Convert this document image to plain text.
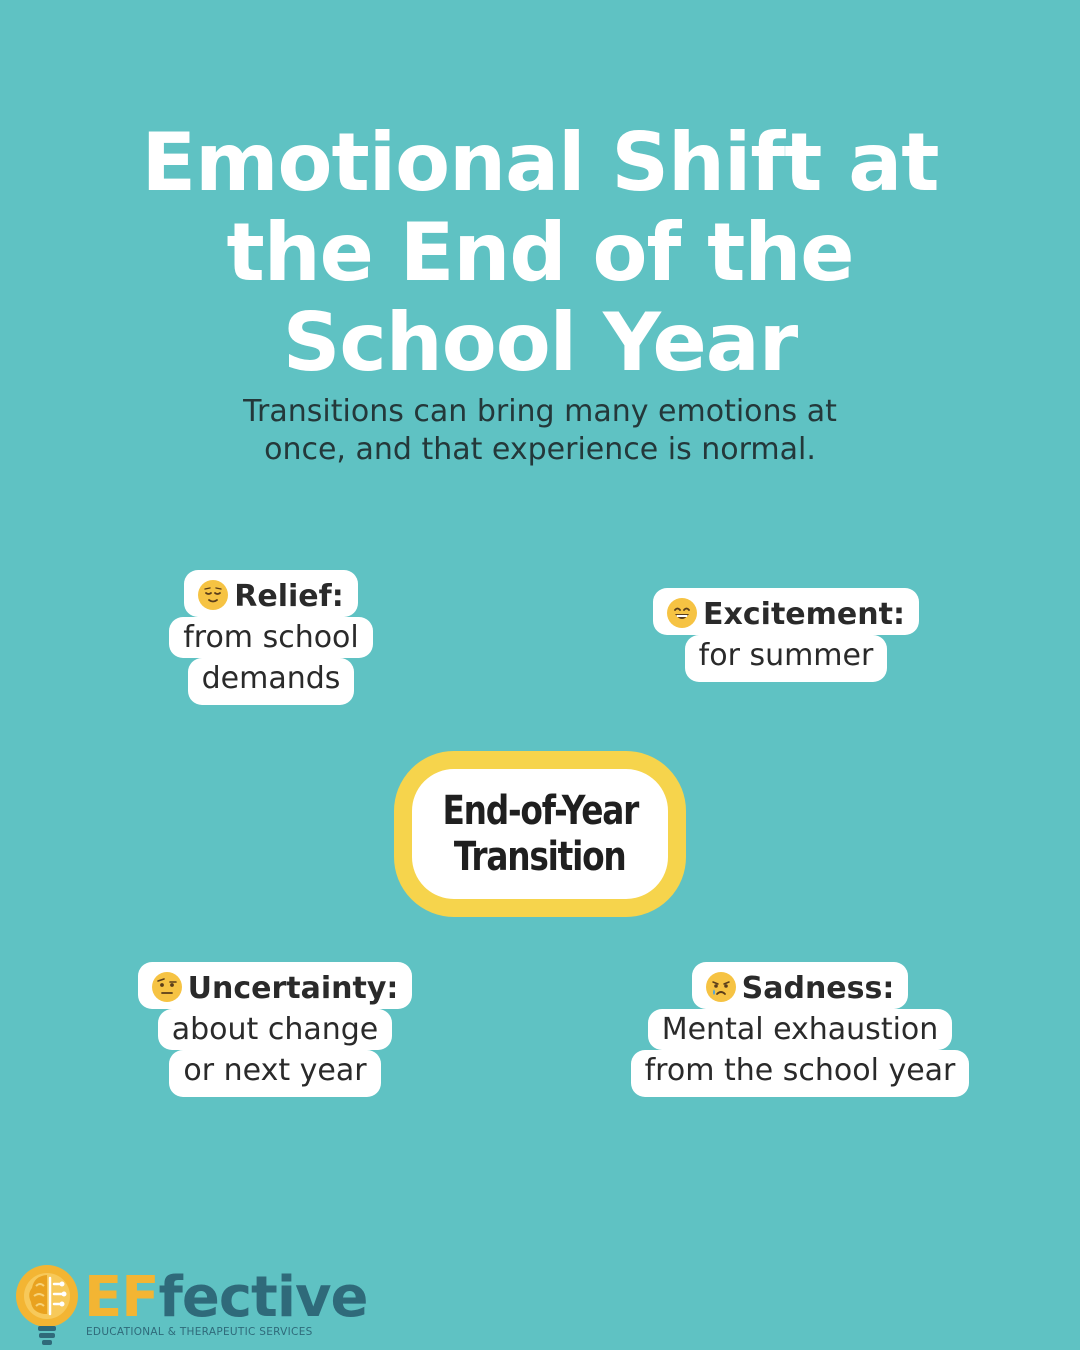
Emotional Shift at
the End of the
School Year

Transitions can bring many emotions at
once, and that experience is normal.

Relief:
from school
demands
Excitement:
for summer
End-of-Year
Transition
Uncertainty:
about change
or next year
Sadness:
Mental exhaustion
from the school year
EFfective
EDUCATIONAL & THERAPEUTIC SERVICES
